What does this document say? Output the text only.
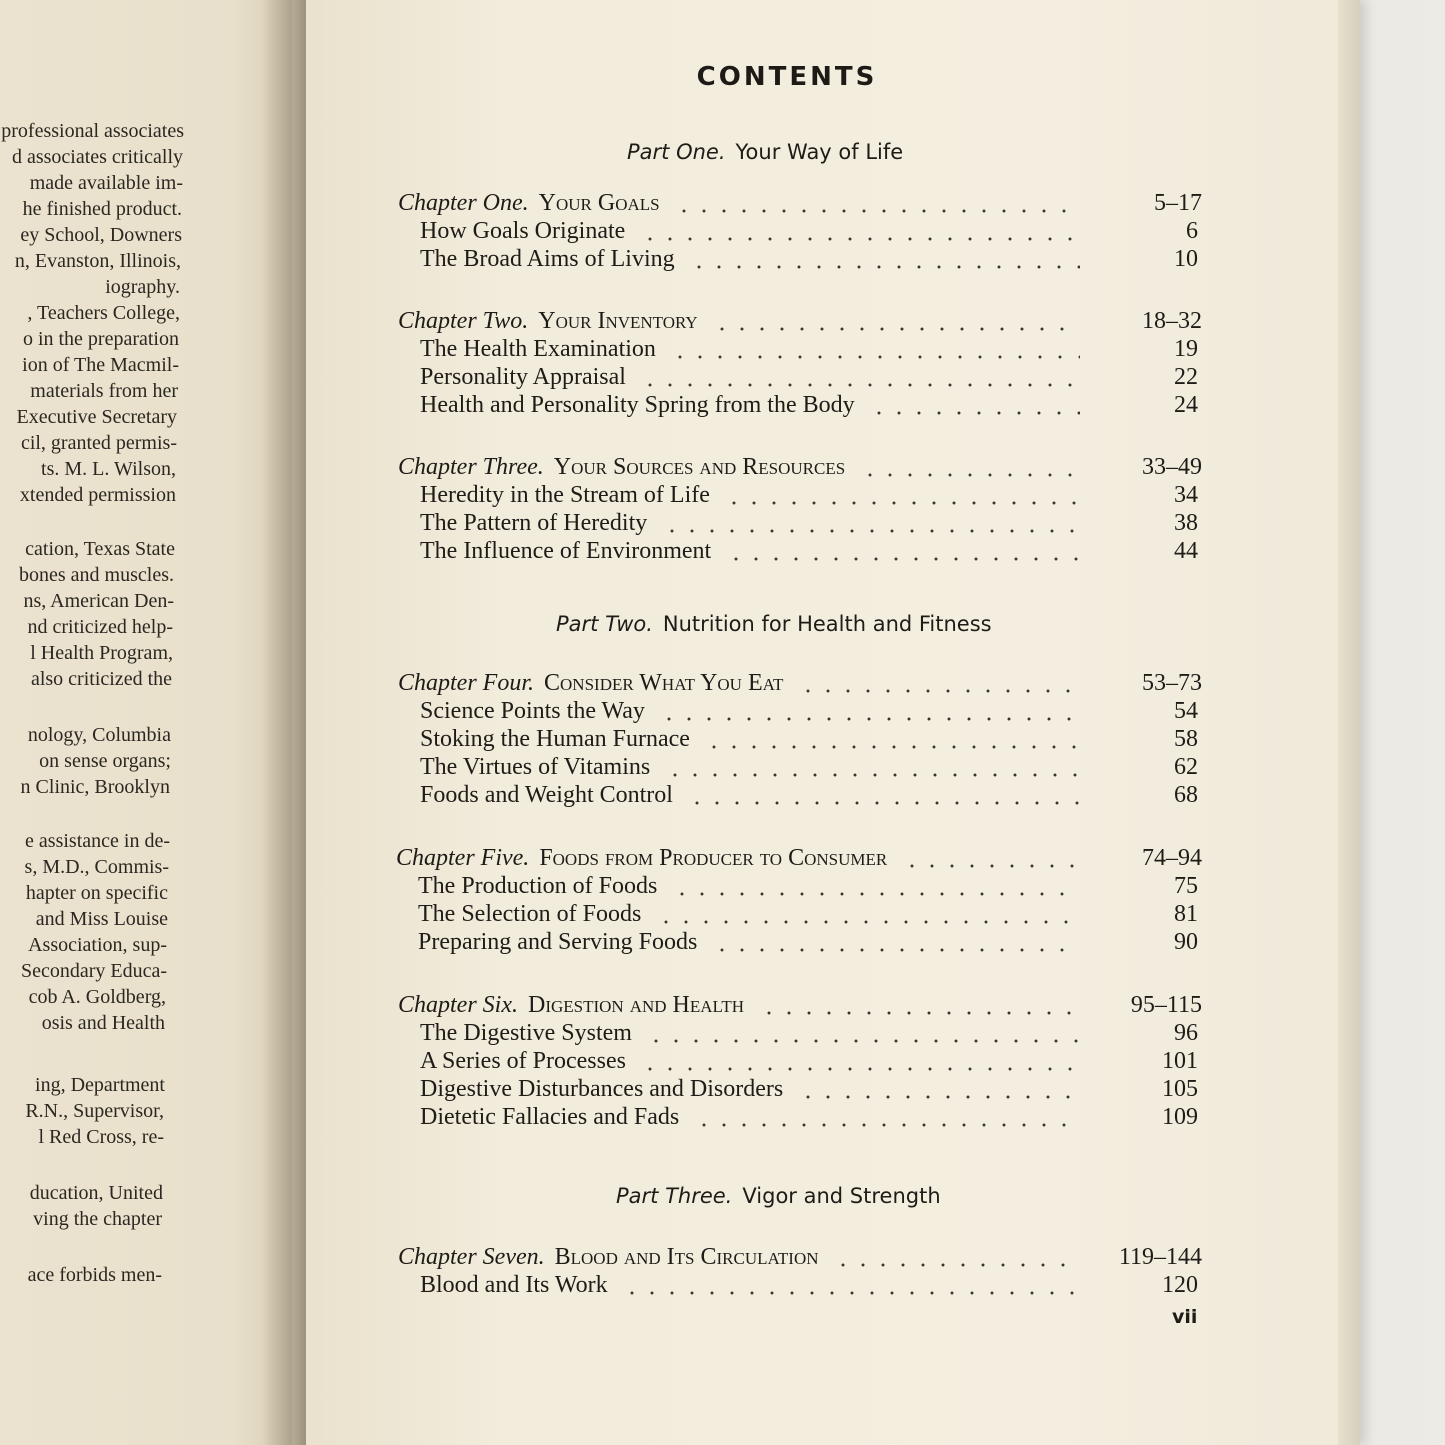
professional associates
d associates critically
made available im-
he finished product.
ey School, Downers
n, Evanston, Illinois,
iography.
, Teachers College,
o in the preparation
ion of The Macmil-
materials from her
Executive Secretary
cil, granted permis-
ts. M. L. Wilson,
xtended permission
cation, Texas State
bones and muscles.
ns, American Den-
nd criticized help-
l Health Program,
also criticized the
nology, Columbia
on sense organs;
n Clinic, Brooklyn
e assistance in de-
s, M.D., Commis-
hapter on specific
and Miss Louise
Association, sup-
Secondary Educa-
cob A. Goldberg,
osis and Health
ing, Department
R.N., Supervisor,
l Red Cross, re-
ducation, United
ving the chapter
ace forbids men-
CONTENTS
Part One. Your Way of Life
Chapter One. Your Goals	5–17
How Goals Originate	6
The Broad Aims of Living	10
Chapter Two. Your Inventory	18–32
The Health Examination	19
Personality Appraisal	22
Health and Personality Spring from the Body	24
Chapter Three. Your Sources and Resources	33–49
Heredity in the Stream of Life	34
The Pattern of Heredity	38
The Influence of Environment	44
Part Two. Nutrition for Health and Fitness
Chapter Four. Consider What You Eat	53–73
Science Points the Way	54
Stoking the Human Furnace	58
The Virtues of Vitamins	62
Foods and Weight Control	68
Chapter Five. Foods from Producer to Consumer	74–94
The Production of Foods	75
The Selection of Foods	81
Preparing and Serving Foods	90
Chapter Six. Digestion and Health	95–115
The Digestive System	96
A Series of Processes	101
Digestive Disturbances and Disorders	105
Dietetic Fallacies and Fads	109
Part Three. Vigor and Strength
Chapter Seven. Blood and Its Circulation	119–144
Blood and Its Work	120
vii
